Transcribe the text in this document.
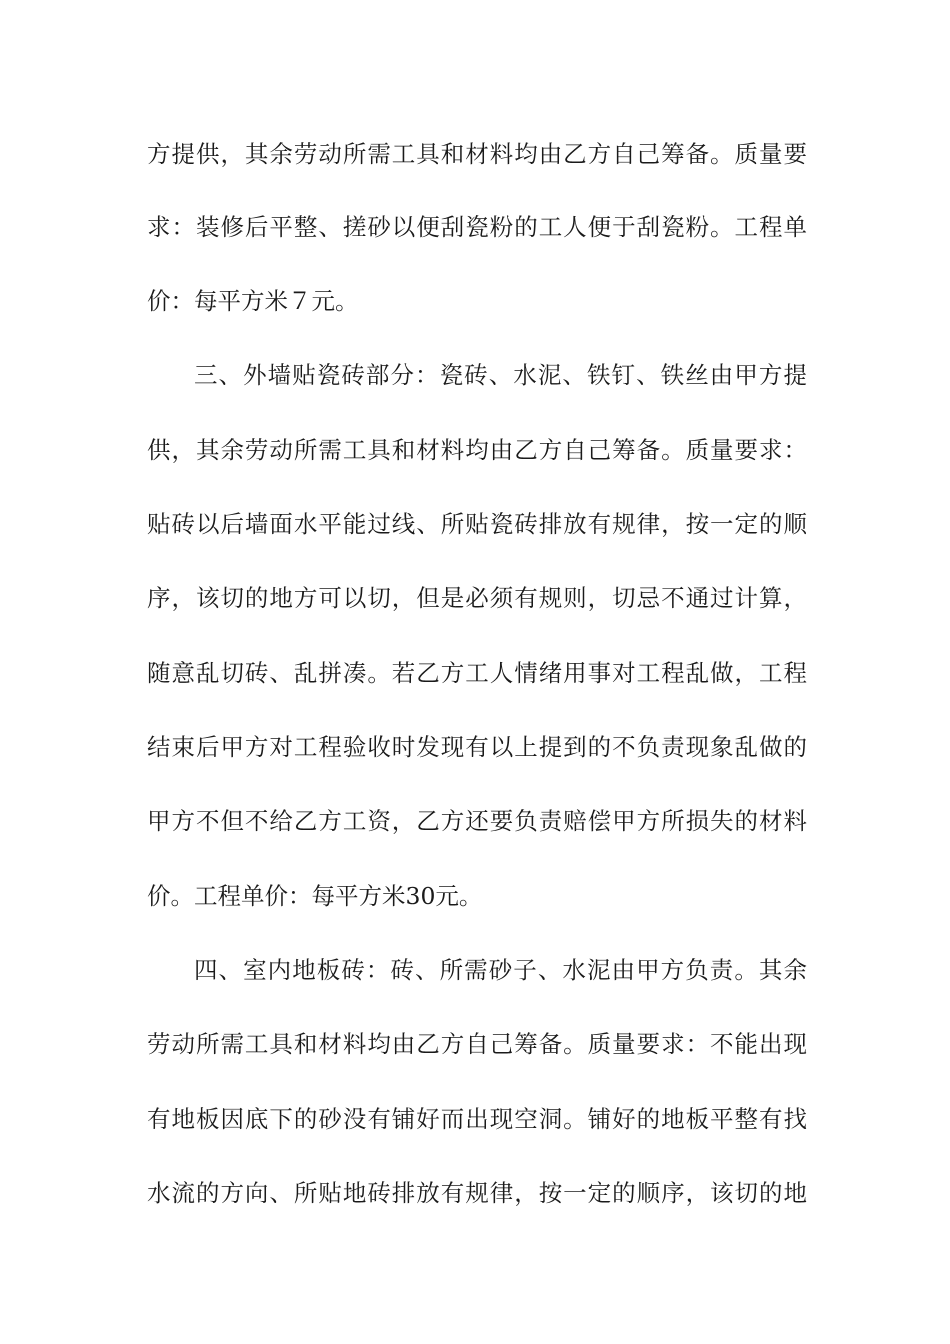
方提供，其余劳动所需工具和材料均由乙方自己筹备。质量要
求：装修后平整、搓砂以便刮瓷粉的工人便于刮瓷粉。工程单
价：每平方米７元。
三、外墙贴瓷砖部分：瓷砖、水泥、铁钉、铁丝由甲方提
供，其余劳动所需工具和材料均由乙方自己筹备。质量要求：
贴砖以后墙面水平能过线、所贴瓷砖排放有规律，按一定的顺
序，该切的地方可以切，但是必须有规则，切忌不通过计算，
随意乱切砖、乱拼凑。若乙方工人情绪用事对工程乱做，工程
结束后甲方对工程验收时发现有以上提到的不负责现象乱做的
甲方不但不给乙方工资，乙方还要负责赔偿甲方所损失的材料
价。工程单价：每平方米30元。
四、室内地板砖：砖、所需砂子、水泥由甲方负责。其余
劳动所需工具和材料均由乙方自己筹备。质量要求：不能出现
有地板因底下的砂没有铺好而出现空洞。铺好的地板平整有找
水流的方向、所贴地砖排放有规律，按一定的顺序，该切的地
